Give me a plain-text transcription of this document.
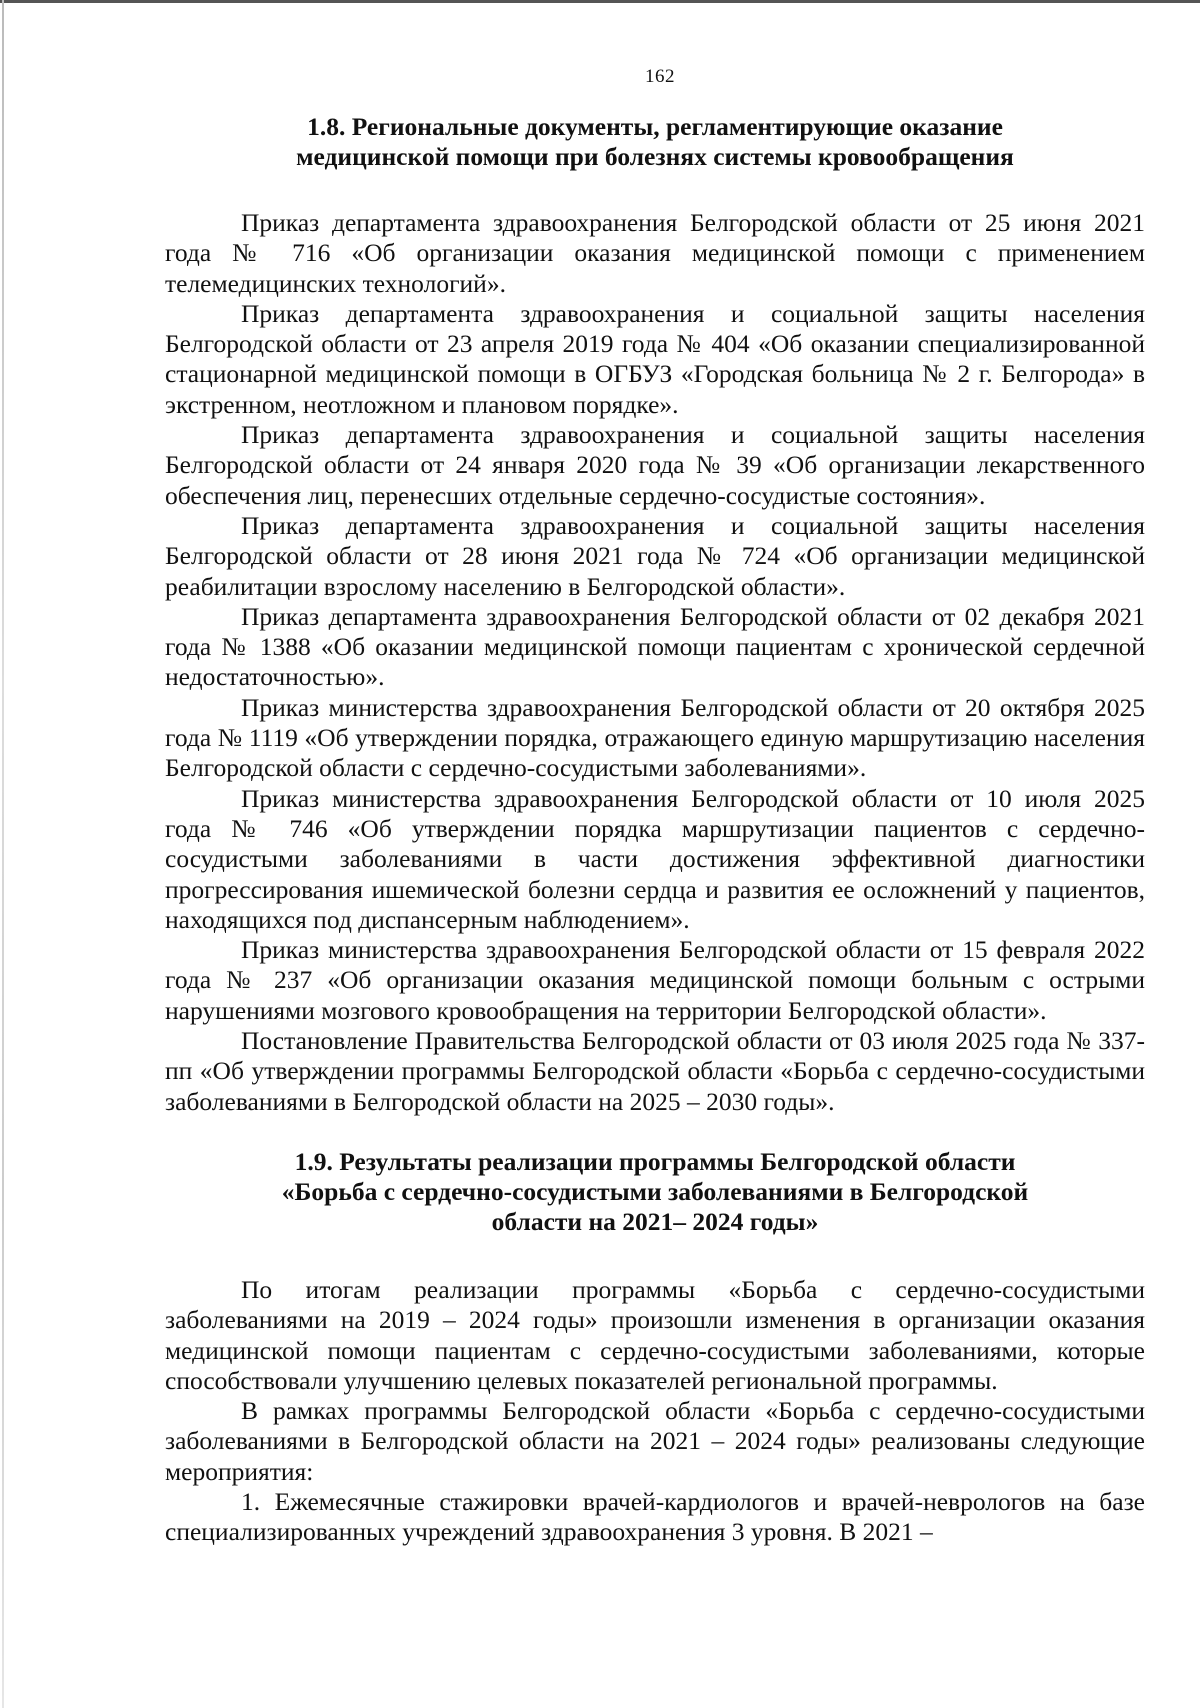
162
1.8. Региональные документы, регламентирующие оказание
медицинской помощи при болезнях системы кровообращения

Приказ департамента здравоохранения Белгородской области от 25 июня 2021 года № 716 «Об организации оказания медицинской помощи с применением телемедицинских технологий».

Приказ департамента здравоохранения и социальной защиты населения Белгородской области от 23 апреля 2019 года № 404 «Об оказании специализированной стационарной медицинской помощи в ОГБУЗ «Городская больница № 2 г. Белгорода» в экстренном, неотложном и плановом порядке».

Приказ департамента здравоохранения и социальной защиты населения Белгородской области от 24 января 2020 года № 39 «Об организации лекарственного обеспечения лиц, перенесших отдельные сердечно-сосудистые состояния».

Приказ департамента здравоохранения и социальной защиты населения Белгородской области от 28 июня 2021 года № 724 «Об организации медицинской реабилитации взрослому населению в Белгородской области».

Приказ департамента здравоохранения Белгородской области от 02 декабря 2021 года № 1388 «Об оказании медицинской помощи пациентам с хронической сердечной недостаточностью».

Приказ министерства здравоохранения Белгородской области от 20 октября 2025 года № 1119 «Об утверждении порядка, отражающего единую маршрутизацию населения Белгородской области с сердечно-сосудистыми заболеваниями».

Приказ министерства здравоохранения Белгородской области от 10 июля 2025 года № 746 «Об утверждении порядка маршрутизации пациентов с сердечно-сосудистыми заболеваниями в части достижения эффективной диагностики прогрессирования ишемической болезни сердца и развития ее осложнений у пациентов, находящихся под диспансерным наблюдением».

Приказ министерства здравоохранения Белгородской области от 15 февраля 2022 года № 237 «Об организации оказания медицинской помощи больным с острыми нарушениями мозгового кровообращения на территории Белгородской области».

Постановление Правительства Белгородской области от 03 июля 2025 года № 337-пп «Об утверждении программы Белгородской области «Борьба с сердечно-сосудистыми заболеваниями в Белгородской области на 2025 – 2030 годы».

1.9. Результаты реализации программы Белгородской области
«Борьба с сердечно-сосудистыми заболеваниями в Белгородской
области на 2021– 2024 годы»

По итогам реализации программы «Борьба с сердечно-сосудистыми заболеваниями на 2019 – 2024 годы» произошли изменения в организации оказания медицинской помощи пациентам с сердечно-сосудистыми заболеваниями, которые способствовали улучшению целевых показателей региональной программы.

В рамках программы Белгородской области «Борьба с сердечно-сосудистыми заболеваниями в Белгородской области на 2021 – 2024 годы» реализованы следующие мероприятия:

1. Ежемесячные стажировки врачей-кардиологов и врачей-неврологов на базе специализированных учреждений здравоохранения 3 уровня. В 2021 –
